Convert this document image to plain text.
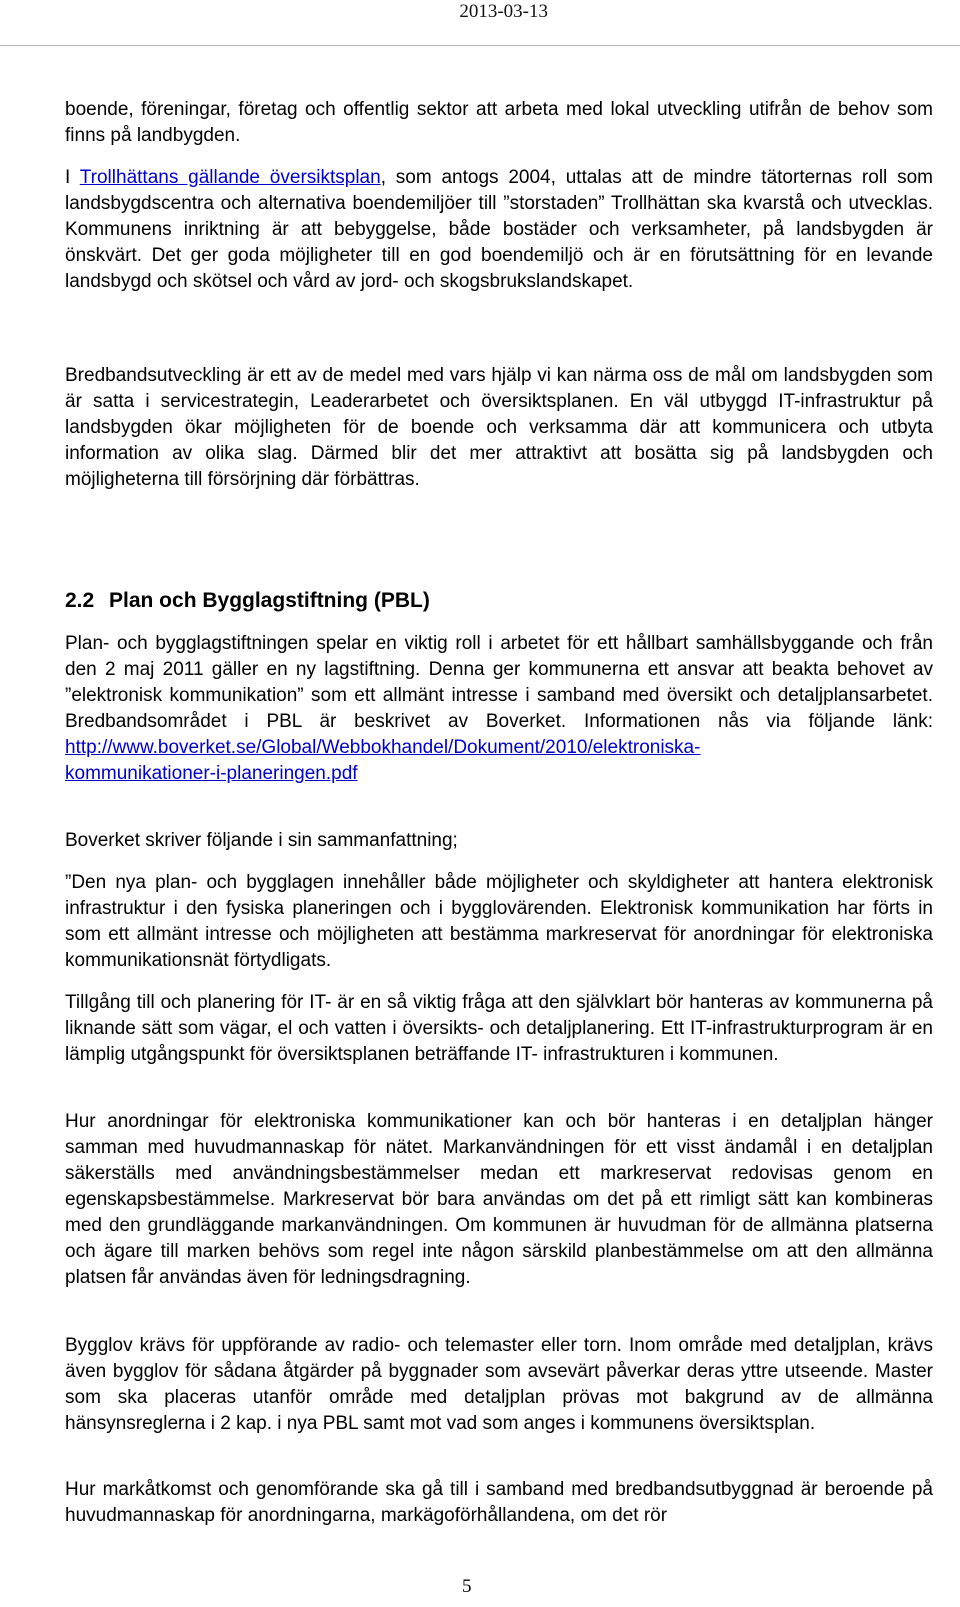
2013-03-13
boende, föreningar, företag och offentlig sektor att arbeta med lokal utveckling utifrån de behov som finns på landbygden.
I Trollhättans gällande översiktsplan, som antogs 2004, uttalas att de mindre tätorternas roll som landsbygdscentra och alternativa boendemiljöer till ”storstaden” Trollhättan ska kvarstå och utvecklas. Kommunens inriktning är att bebyggelse, både bostäder och verksamheter, på landsbygden är önskvärt. Det ger goda möjligheter till en god boendemiljö och är en förutsättning för en levande landsbygd och skötsel och vård av jord- och skogsbrukslandskapet.
Bredbandsutveckling är ett av de medel med vars hjälp vi kan närma oss de mål om landsbygden som är satta i servicestrategin, Leaderarbetet och översiktsplanen. En väl utbyggd IT-infrastruktur på landsbygden ökar möjligheten för de boende och verksamma där att kommunicera och utbyta information av olika slag. Därmed blir det mer attraktivt att bosätta sig på landsbygden och möjligheterna till försörjning där förbättras.
2.2 Plan och Bygglagstiftning (PBL)
Plan- och bygglagstiftningen spelar en viktig roll i arbetet för ett hållbart samhällsbyggande och från den 2 maj 2011 gäller en ny lagstiftning. Denna ger kommunerna ett ansvar att beakta behovet av ”elektronisk kommunikation” som ett allmänt intresse i samband med översikt och detaljplansarbetet. Bredbandsområdet i PBL är beskrivet av Boverket. Informationen nås via följande länk: http://www.boverket.se/Global/Webbokhandel/Dokument/2010/elektroniska-
kommunikationer-i-planeringen.pdf
Boverket skriver följande i sin sammanfattning;
”Den nya plan- och bygglagen innehåller både möjligheter och skyldigheter att hantera elektronisk infrastruktur i den fysiska planeringen och i bygglovärenden. Elektronisk kommunikation har förts in som ett allmänt intresse och möjligheten att bestämma markreservat för anordningar för elektroniska kommunikationsnät förtydligats.
Tillgång till och planering för IT- är en så viktig fråga att den självklart bör hanteras av kommunerna på liknande sätt som vägar, el och vatten i översikts- och detaljplanering. Ett IT-infrastrukturprogram är en lämplig utgångspunkt för översiktsplanen beträffande IT- infrastrukturen i kommunen.
Hur anordningar för elektroniska kommunikationer kan och bör hanteras i en detaljplan hänger samman med huvudmannaskap för nätet. Markanvändningen för ett visst ändamål i en detaljplan säkerställs med användningsbestämmelser medan ett markreservat redovisas genom en egenskapsbestämmelse. Markreservat bör bara användas om det på ett rimligt sätt kan kombineras med den grundläggande markanvändningen. Om kommunen är huvudman för de allmänna platserna och ägare till marken behövs som regel inte någon särskild planbestämmelse om att den allmänna platsen får användas även för ledningsdragning.
Bygglov krävs för uppförande av radio- och telemaster eller torn. Inom område med detaljplan, krävs även bygglov för sådana åtgärder på byggnader som avsevärt påverkar deras yttre utseende. Master som ska placeras utanför område med detaljplan prövas mot bakgrund av de allmänna hänsynsreglerna i 2 kap. i nya PBL samt mot vad som anges i kommunens översiktsplan.
Hur markåtkomst och genomförande ska gå till i samband med bredbandsutbyggnad är beroende på huvudmannaskap för anordningarna, markägoförhållandena, om det rör
5
